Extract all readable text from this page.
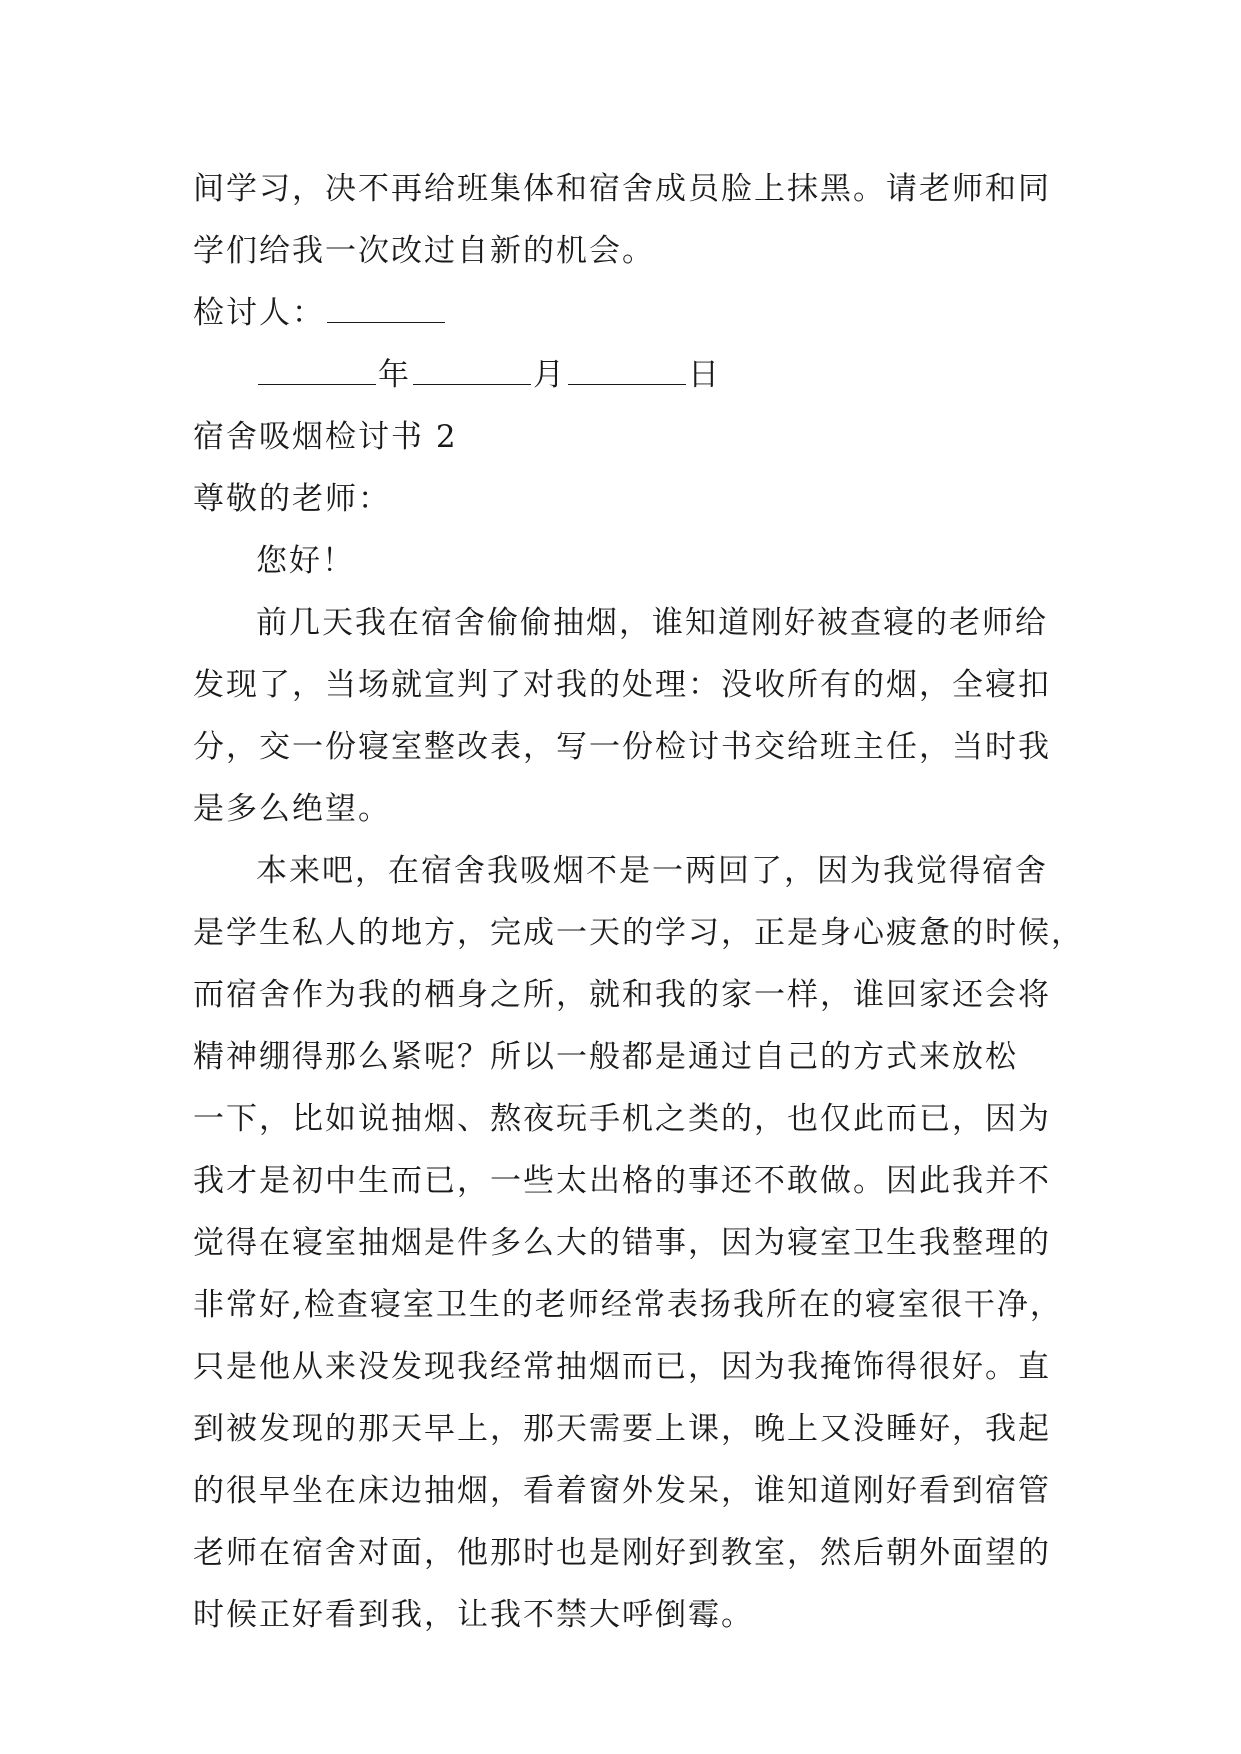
间学习，决不再给班集体和宿舍成员脸上抹黑。请老师和同
学们给我一次改过自新的机会。
检讨人：
年	月	日
宿舍吸烟检讨书 2
尊敬的老师：
您好！
前几天我在宿舍偷偷抽烟，谁知道刚好被查寝的老师给
发现了，当场就宣判了对我的处理：没收所有的烟，全寝扣
分，交一份寝室整改表，写一份检讨书交给班主任，当时我
是多么绝望。
本来吧，在宿舍我吸烟不是一两回了，因为我觉得宿舍
是学生私人的地方，完成一天的学习，正是身心疲惫的时候，
而宿舍作为我的栖身之所，就和我的家一样，谁回家还会将
精神绷得那么紧呢？所以一般都是通过自己的方式来放松
一下，比如说抽烟、熬夜玩手机之类的，也仅此而已，因为
我才是初中生而已，一些太出格的事还不敢做。因此我并不
觉得在寝室抽烟是件多么大的错事，因为寝室卫生我整理的
非常好,检查寝室卫生的老师经常表扬我所在的寝室很干净，
只是他从来没发现我经常抽烟而已，因为我掩饰得很好。直
到被发现的那天早上，那天需要上课，晚上又没睡好，我起
的很早坐在床边抽烟，看着窗外发呆，谁知道刚好看到宿管
老师在宿舍对面，他那时也是刚好到教室，然后朝外面望的
时候正好看到我，让我不禁大呼倒霉。
